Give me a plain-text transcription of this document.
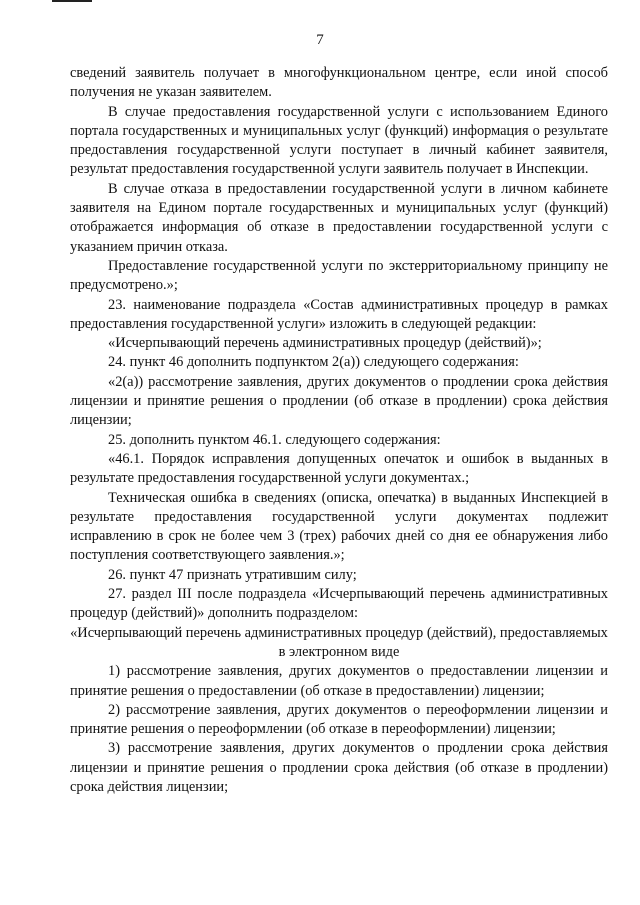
7

сведений заявитель получает в многофункциональном центре, если иной способ получения не указан заявителем.

В случае предоставления государственной услуги с использованием Единого портала государственных и муниципальных услуг (функций) информация о результате предоставления государственной услуги поступает в личный кабинет заявителя, результат предоставления государственной услуги заявитель получает в Инспекции.

В случае отказа в предоставлении государственной услуги в личном кабинете заявителя на Едином портале государственных и муниципальных услуг (функций) отображается информация об отказе в предоставлении государственной услуги с указанием причин отказа.

Предоставление государственной услуги по экстерриториальному принципу не предусмотрено.»;

23. наименование подраздела «Состав административных процедур в рамках предоставления государственной услуги» изложить в следующей редакции:

«Исчерпывающий перечень административных процедур (действий)»;

24. пункт 46 дополнить подпунктом 2(а)) следующего содержания:

«2(а)) рассмотрение заявления, других документов о продлении срока действия лицензии и принятие решения о продлении (об отказе в продлении) срока действия лицензии;

25. дополнить пунктом 46.1. следующего содержания:

«46.1. Порядок исправления допущенных опечаток и ошибок в выданных в результате предоставления государственной услуги документах.;

Техническая ошибка в сведениях (описка, опечатка) в выданных Инспекцией в результате предоставления государственной услуги документах подлежит исправлению в срок не более чем 3 (трех) рабочих дней со дня ее обнаружения либо поступления соответствующего заявления.»;

26. пункт 47 признать утратившим силу;

27. раздел III после подраздела «Исчерпывающий перечень административных процедур (действий)» дополнить подразделом:

«Исчерпывающий перечень административных процедур (действий), предоставляемых в электронном виде

1) рассмотрение заявления, других документов о предоставлении лицензии и принятие решения о предоставлении (об отказе в предоставлении) лицензии;

2) рассмотрение заявления, других документов о переоформлении лицензии и принятие решения о переоформлении (об отказе в переоформлении) лицензии;

3) рассмотрение заявления, других документов о продлении срока действия лицензии и принятие решения о продлении срока действия (об отказе в продлении) срока действия лицензии;
